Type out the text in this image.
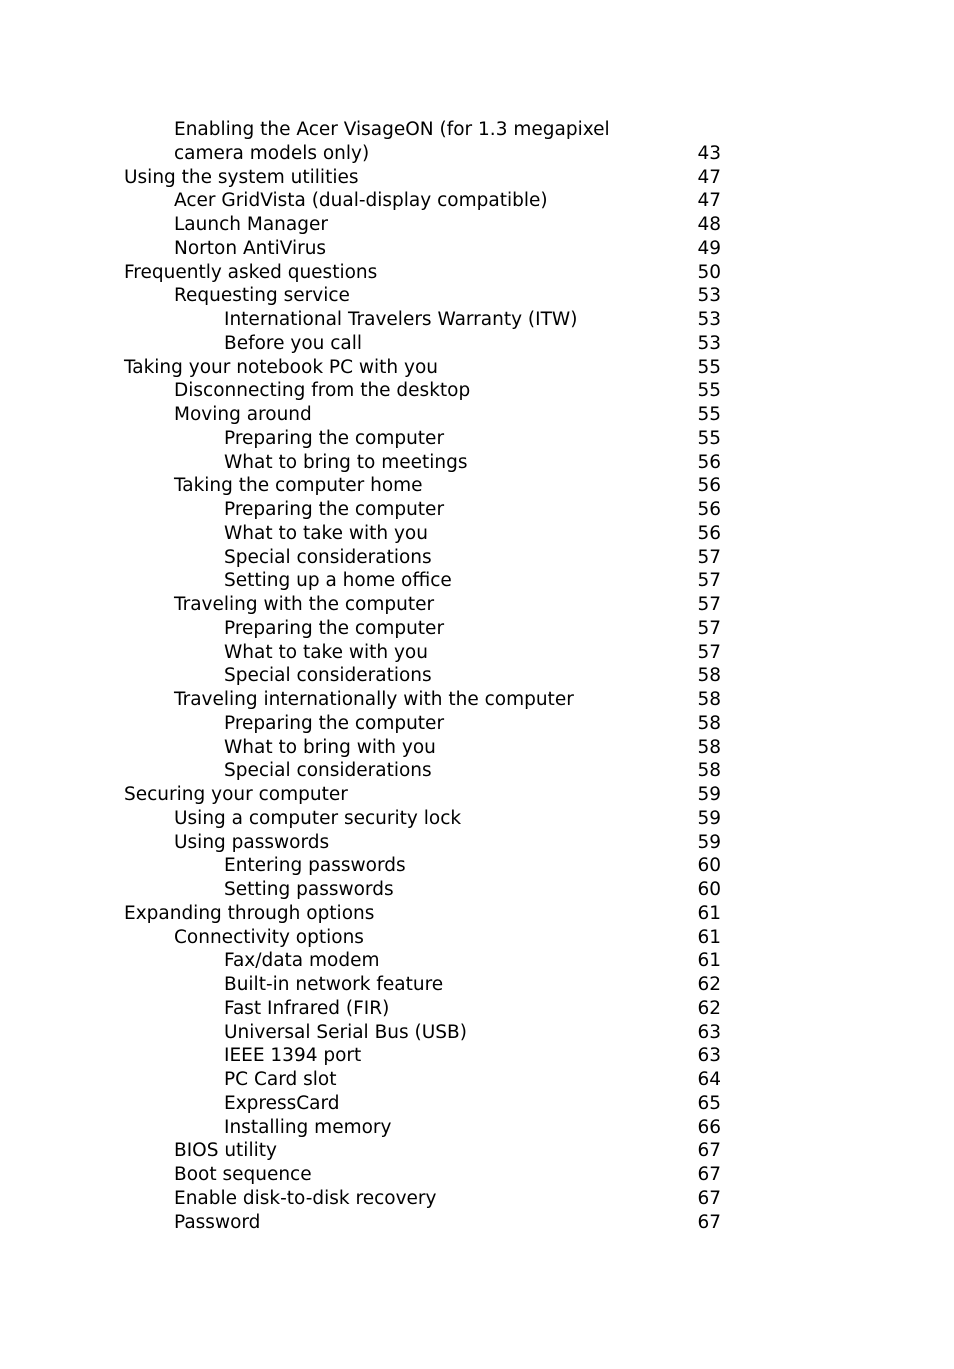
Enabling the Acer VisageON (for 1.3 megapixel
camera models only)	43
Using the system utilities	47
Acer GridVista (dual-display compatible)	47
Launch Manager	48
Norton AntiVirus	49
Frequently asked questions	50
Requesting service	53
International Travelers Warranty (ITW)	53
Before you call	53
Taking your notebook PC with you	55
Disconnecting from the desktop	55
Moving around	55
Preparing the computer	55
What to bring to meetings	56
Taking the computer home	56
Preparing the computer	56
What to take with you	56
Special considerations	57
Setting up a home office	57
Traveling with the computer	57
Preparing the computer	57
What to take with you	57
Special considerations	58
Traveling internationally with the computer	58
Preparing the computer	58
What to bring with you	58
Special considerations	58
Securing your computer	59
Using a computer security lock	59
Using passwords	59
Entering passwords	60
Setting passwords	60
Expanding through options	61
Connectivity options	61
Fax/data modem	61
Built-in network feature	62
Fast Infrared (FIR)	62
Universal Serial Bus (USB)	63
IEEE 1394 port	63
PC Card slot	64
ExpressCard	65
Installing memory	66
BIOS utility	67
Boot sequence	67
Enable disk-to-disk recovery	67
Password	67
